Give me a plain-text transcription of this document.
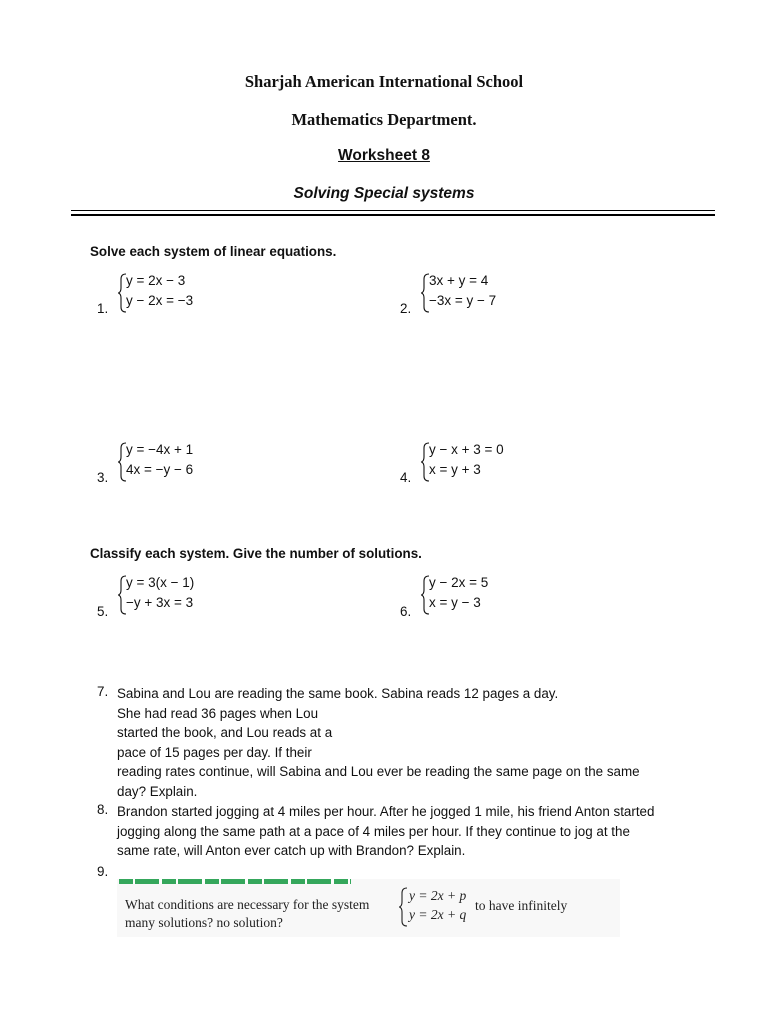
Sharjah American International School
Mathematics Department.
Worksheet 8
Solving Special systems
Solve each system of linear equations.
1.
y = 2x − 3
y − 2x = −3
2.
3x + y = 4
−3x = y − 7
3.
y = −4x + 1
4x = −y − 6
4.
y − x + 3 = 0
x = y + 3
Classify each system. Give the number of solutions.
5.
y = 3(x − 1)
−y + 3x = 3
6.
y − 2x = 5
x = y − 3
7. Sabina and Lou are reading the same book. Sabina reads 12 pages a day.
She had read 36 pages when Lou
started the book, and Lou reads at a
pace of 15 pages per day. If their
reading rates continue, will Sabina and Lou ever be reading the same page on the same
day? Explain.
8. Brandon started jogging at 4 miles per hour. After he jogged 1 mile, his friend Anton started
jogging along the same path at a pace of 4 miles per hour. If they continue to jog at the
same rate, will Anton ever catch up with Brandon? Explain.
9.
What conditions are necessary for the system
many solutions? no solution?
y = 2x + p
y = 2x + q
to have infinitely
